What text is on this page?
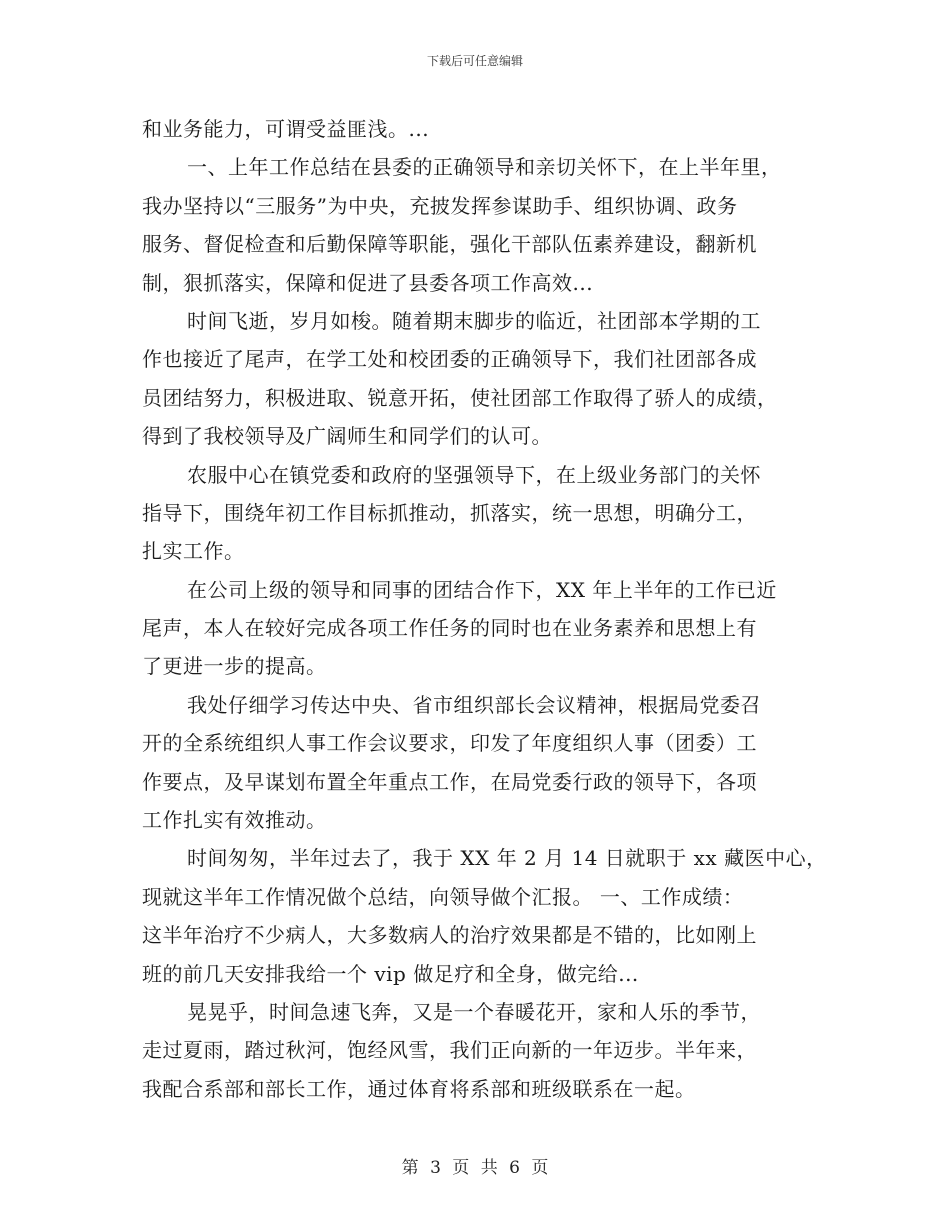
下载后可任意编辑
和业务能力，可谓受益匪浅。...
一、上年工作总结在县委的正确领导和亲切关怀下，在上半年里，
我办坚持以“三服务”为中央，充披发挥参谋助手、组织协调、政务
服务、督促检查和后勤保障等职能，强化干部队伍素养建设，翻新机
制，狠抓落实，保障和促进了县委各项工作高效...
时间飞逝，岁月如梭。随着期末脚步的临近，社团部本学期的工
作也接近了尾声，在学工处和校团委的正确领导下，我们社团部各成
员团结努力，积极进取、锐意开拓，使社团部工作取得了骄人的成绩，
得到了我校领导及广阔师生和同学们的认可。
农服中心在镇党委和政府的坚强领导下，在上级业务部门的关怀
指导下，围绕年初工作目标抓推动，抓落实，统一思想，明确分工，
扎实工作。
在公司上级的领导和同事的团结合作下，XX 年上半年的工作已近
尾声，本人在较好完成各项工作任务的同时也在业务素养和思想上有
了更进一步的提高。
我处仔细学习传达中央、省市组织部长会议精神，根据局党委召
开的全系统组织人事工作会议要求，印发了年度组织人事（团委）工
作要点，及早谋划布置全年重点工作，在局党委行政的领导下，各项
工作扎实有效推动。
时间匆匆，半年过去了，我于 XX 年 2 月 14 日就职于 xx 藏医中心，
现就这半年工作情况做个总结，向领导做个汇报。 一、工作成绩：
这半年治疗不少病人，大多数病人的治疗效果都是不错的，比如刚上
班的前几天安排我给一个 vip 做足疗和全身，做完给...
晃晃乎，时间急速飞奔，又是一个春暖花开，家和人乐的季节，
走过夏雨，踏过秋河，饱经风雪，我们正向新的一年迈步。半年来，
我配合系部和部长工作，通过体育将系部和班级联系在一起。
第 3 页 共 6 页
